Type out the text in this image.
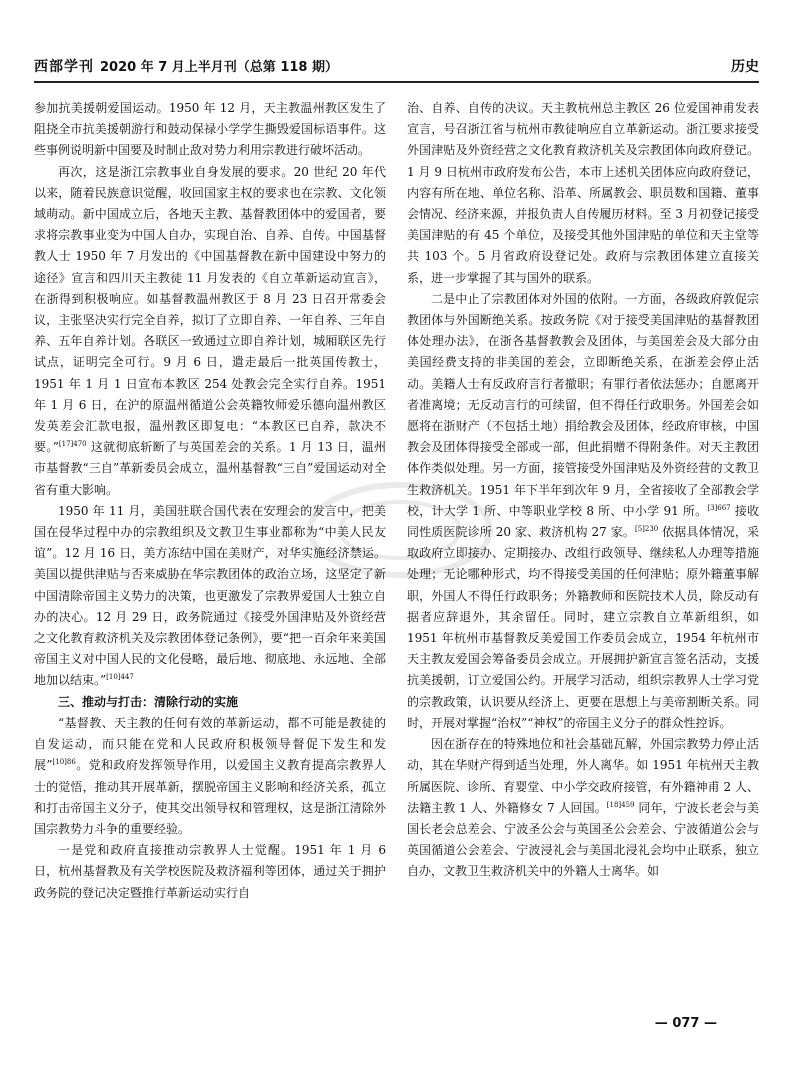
西部学刊 2020 年 7 月上半月刊（总第 118 期）	历史

参加抗美援朝爱国运动。1950 年 12 月，天主教温州教区发生了阻挠全市抗美援朝游行和鼓动保禄小学学生撕毁爱国标语事件。这些事例说明新中国要及时制止敌对势力利用宗教进行破坏活动。

再次，这是浙江宗教事业自身发展的要求。20 世纪 20 年代以来，随着民族意识觉醒，收回国家主权的要求也在宗教、文化领域萌动。新中国成立后，各地天主教、基督教团体中的爱国者，要求将宗教事业变为中国人自办，实现自治、自养、自传。中国基督教人士 1950 年 7 月发出的《中国基督教在新中国建设中努力的途径》宣言和四川天主教徒 11 月发表的《自立革新运动宣言》，在浙得到积极响应。如基督教温州教区于 8 月 23 日召开常委会议，主张坚决实行完全自养，拟订了立即自养、一年自养、三年自养、五年自养计划。各联区一致通过立即自养计划，城厢联区先行试点，证明完全可行。9 月 6 日，遣走最后一批英国传教士，1951 年 1 月 1 日宣布本教区 254 处教会完全实行自养。1951 年 1 月 6 日，在沪的原温州循道公会英籍牧师爱乐德向温州教区发英差会汇款电报，温州教区即复电：“本教区已自养，款决不要。”$^{[17]470}$ 这就彻底斩断了与英国差会的关系。1 月 13 日，温州市基督教“三自”革新委员会成立，温州基督教“三自”爱国运动对全省有重大影响。

1950 年 11 月，美国驻联合国代表在安理会的发言中，把美国在侵华过程中办的宗教组织及文教卫生事业都称为“中美人民友谊”。12 月 16 日，美方冻结中国在美财产，对华实施经济禁运。美国以提供津贴与否来威胁在华宗教团体的政治立场，这坚定了新中国清除帝国主义势力的决策，也更激发了宗教界爱国人士独立自办的决心。12 月 29 日，政务院通过《接受外国津贴及外资经营之文化教育救济机关及宗教团体登记条例》，要“把一百余年来美国帝国主义对中国人民的文化侵略，最后地、彻底地、永远地、全部地加以结束。”$^{[10]447}$

三、推动与打击：清除行动的实施

“基督教、天主教的任何有效的革新运动，都不可能是教徒的自发运动，而只能在党和人民政府积极领导督促下发生和发展”$^{[10]86}$。党和政府发挥领导作用，以爱国主义教育提高宗教界人士的觉悟，推动其开展革新，摆脱帝国主义影响和经济关系，孤立和打击帝国主义分子，使其交出领导权和管理权，这是浙江清除外国宗教势力斗争的重要经验。

一是党和政府直接推动宗教界人士觉醒。1951 年 1 月 6 日，杭州基督教及有关学校医院及救济福利等团体，通过关于拥护政务院的登记决定暨推行革新运动实行自

治、自养、自传的决议。天主教杭州总主教区 26 位爱国神甫发表宣言，号召浙江省与杭州市教徒响应自立革新运动。浙江要求接受外国津贴及外资经营之文化教育救济机关及宗教团体向政府登记。1 月 9 日杭州市政府发布公告，本市上述机关团体应向政府登记，内容有所在地、单位名称、沿革、所属教会、职员数和国籍、董事会情况、经济来源，并报负责人自传履历材料。至 3 月初登记接受美国津贴的有 45 个单位，及接受其他外国津贴的单位和天主堂等共 103 个。5 月省政府设登记处。政府与宗教团体建立直接关系，进一步掌握了其与国外的联系。

二是中止了宗教团体对外国的依附。一方面，各级政府敦促宗教团体与外国断绝关系。按政务院《对于接受美国津贴的基督教团体处理办法》，在浙各基督教教会及团体，与美国差会及大部分由美国经费支持的非美国的差会，立即断绝关系，在浙差会停止活动。美籍人士有反政府言行者撤职；有罪行者依法惩办；自愿离开者准离境；无反动言行的可续留，但不得任行政职务。外国差会如愿将在浙财产（不包括土地）捐给教会及团体，经政府审核，中国教会及团体得接受全部或一部，但此捐赠不得附条件。对天主教团体作类似处理。另一方面，接管接受外国津贴及外资经营的文教卫生救济机关。1951 年下半年到次年 9 月，全省接收了全部教会学校，计大学 1 所、中等职业学校 8 所、中小学 91 所。$^{[3]667}$ 接收同性质医院诊所 20 家、救济机构 27 家。$^{[5]230}$ 依据具体情况，采取政府立即接办、定期接办、改组行政领导、继续私人办理等措施处理；无论哪种形式，均不得接受美国的任何津贴；原外籍董事解职，外国人不得任行政职务；外籍教师和医院技术人员，除反动有据者应辞退外，其余留任。同时，建立宗教自立革新组织，如 1951 年杭州市基督教反美爱国工作委员会成立，1954 年杭州市天主教友爱国会筹备委员会成立。开展拥护新宣言签名活动，支援抗美援朝，订立爱国公约。开展学习活动，组织宗教界人士学习党的宗教政策，认识要从经济上、更要在思想上与美帝割断关系。同时，开展对掌握“治权”“神权”的帝国主义分子的群众性控诉。

因在浙存在的特殊地位和社会基础瓦解，外国宗教势力停止活动，其在华财产得到适当处理，外人离华。如 1951 年杭州天主教所属医院、诊所、育婴堂、中小学交政府接管，有外籍神甫 2 人、法籍主教 1 人、外籍修女 7 人回国。$^{[18]459}$ 同年，宁波长老会与美国长老会总差会、宁波圣公会与英国圣公会差会、宁波循道公会与英国循道公会差会、宁波浸礼会与美国北浸礼会均中止联系，独立自办，文教卫生救济机关中的外籍人士离华。如

— 077 —
